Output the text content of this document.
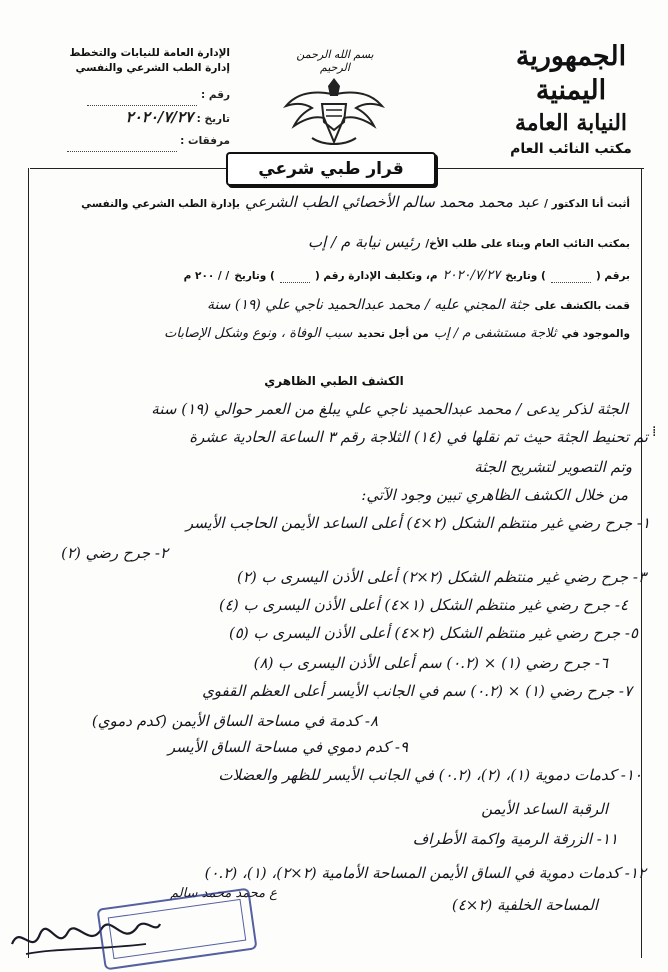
الجمهورية اليمنية
النيابة العامة
مكتب النائب العام
بسم الله الرحمن الرحيم
الإدارة العامة للنيابات والتخطط
إدارة الطب الشرعي والنفسي
رقم :
تاريخ : ٢٠٢٠/٧/٢٧
مرفقات :
قرار طبي شرعي
أثبت أنا الدكتور / عبد محمد محمد سالم الأخصائي الطب الشرعي بإدارة الطب الشرعي والنفسي
بمكتب النائب العام وبناء على طلب الأخ/ رئيس نيابة م / إب
برقم (  ) وتاريخ ٢٠٢٠/٧/٢٧ م، وتكليف الإدارة رقم (  ) وتاريخ / / ٢٠٠ م
قمت بالكشف على جثة المجني عليه / محمد عبدالحميد ناجي علي (١٩) سنة
والموجود في ثلاجة مستشفى م / إب من أجل تحديد سبب الوفاة ، ونوع وشكل الإصابات
الكشف الطبي الظاهري
الجثة لذكر يدعى / محمد عبدالحميد ناجي علي يبلغ من العمر حوالي (١٩) سنة
تم تحنيط الجثة حيث تم نقلها في (١٤) الثلاجة رقم ٣ الساعة الحادية عشرة
وتم التصوير لتشريح الجثة
من خلال الكشف الظاهري تبين وجود الآتي:
١- جرح رضي غير منتظم الشكل (٢×٤) أعلى الساعد الأيمن الحاجب الأيسر
٢- جرح رضي (٢)
٣- جرح رضي غير منتظم الشكل (٢×٢) أعلى الأذن اليسرى ب (٢)
٤- جرح رضي غير منتظم الشكل (١×٤) أعلى الأذن اليسرى ب (٤)
٥- جرح رضي غير منتظم الشكل (٢×٤) أعلى الأذن اليسرى ب (٥)
٦- جرح رضي (١) × (٠.٢) سم أعلى الأذن اليسرى ب (٨)
٧- جرح رضي (١) × (٠.٢) سم في الجانب الأيسر أعلى العظم القفوي
٨- كدمة في مساحة الساق الأيمن (كدم دموي)
٩- كدم دموي في مساحة الساق الأيسر
١٠- كدمات دموية (١)، (٢)، (٠.٢) في الجانب الأيسر للظهر والعضلات
الرقبة الساعد الأيمن
١١- الزرقة الرمية واكمة الأطراف
١٢- كدمات دموية في الساق الأيمن المساحة الأمامية (٢×٢)، (١)، (٠.٢)
المساحة الخلفية (٢×٤)
ع محمد محمد سالم
⁞
